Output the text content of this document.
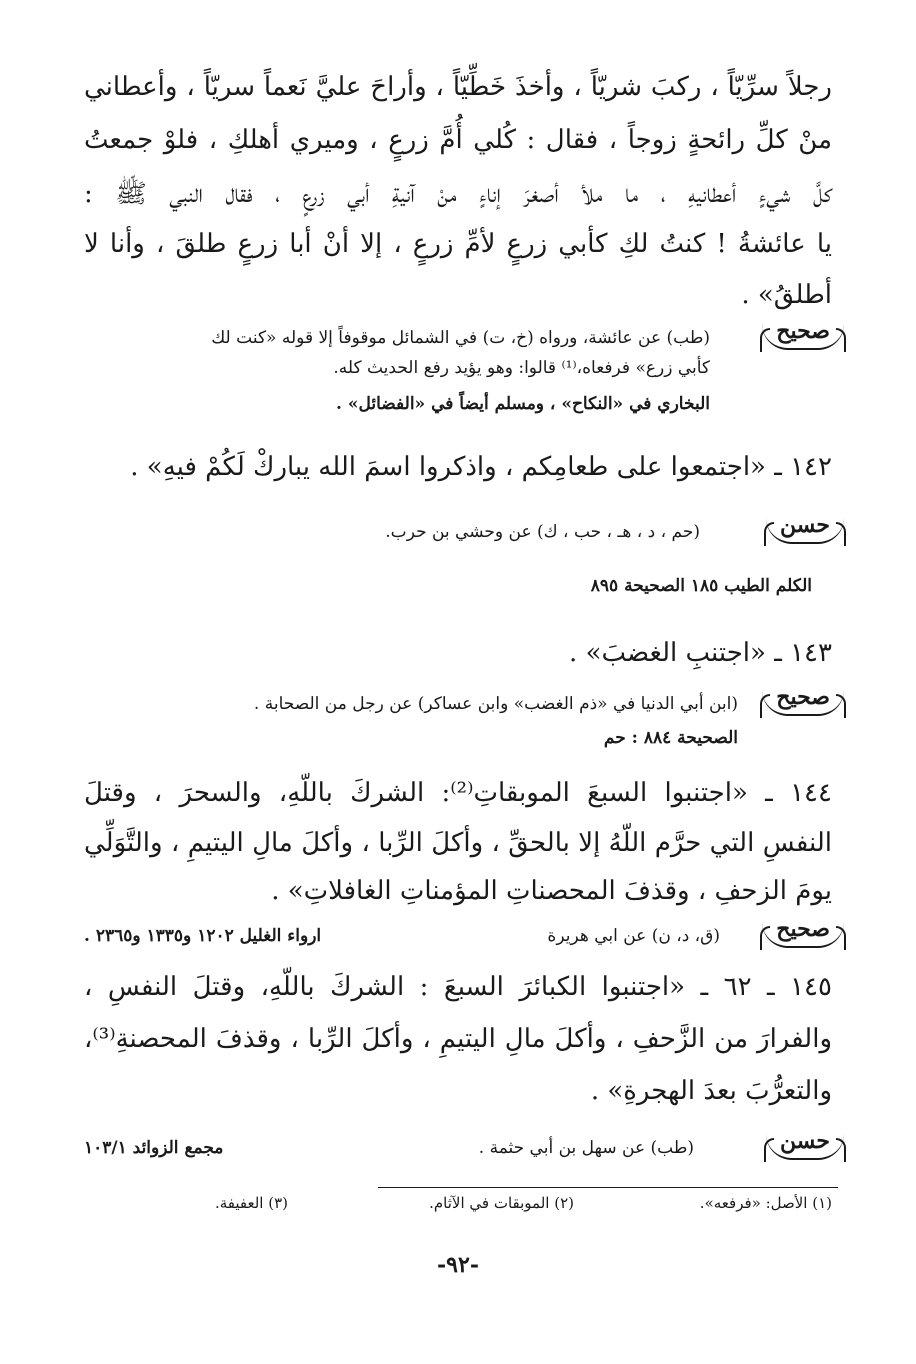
رجلاً سرِّيّاً ، ركبَ شريّاً ، وأخذَ خَطِّيّاً ، وأراحَ عليَّ نَعماً سريّاً ، وأعطاني
منْ كلِّ رائحةٍ زوجاً ، فقال : كُلي أُمَّ زرعٍ ، وميري أهلكِ ، فلوْ جمعتُ
كلَّ شيءٍ أعطانيهِ ، ما ملأ أصغرَ إناءٍ منْ آنيةِ أبي زرعٍ ، فقال النبي ﷺ :
يا عائشةُ ! كنتُ لكِ كأبي زرعٍ لأمِّ زرعٍ ، إلا أنْ أبا زرعٍ طلقَ ، وأنا لا
أطلقُ» .
صحيح
(طب) عن عائشة، ورواه (خ، ت) في الشمائل موقوفاً إلا قوله «كنت لك
كأبي زرع» فرفعاه،⁽¹⁾ قالوا: وهو يؤيد رفع الحديث كله.
البخاري في «النكاح» ، ومسلم أيضاً في «الفضائل» .
١٤٢ ـ «اجتمعوا على طعامِكم ، واذكروا اسمَ الله يباركْ لَكُمْ فيهِ» .
حسن
(حم ، د ، هـ ، حب ، ك) عن وحشي بن حرب.
الكلم الطيب ١٨٥ الصحيحة ٨٩٥
١٤٣ ـ «اجتنبِ الغضبَ» .
صحيح
(ابن أبي الدنيا في «ذم الغضب» وابن عساكر) عن رجل من الصحابة .
الصحيحة ٨٨٤ : حم
١٤٤ ـ «اجتنبوا السبعَ الموبقاتِ⁽²⁾: الشركَ باللّهِ، والسحرَ ، وقتلَ
النفسِ التي حرَّم اللّهُ إلا بالحقِّ ، وأكلَ الرِّبا ، وأكلَ مالِ اليتيمِ ، والتَّوَلِّي
يومَ الزحفِ ، وقذفَ المحصناتِ المؤمناتِ الغافلاتِ» .
صحيح
(ق، د، ن) عن ابي هريرة
ارواء الغليل ١٢٠٢ و١٣٣٥ و٢٣٦٥ .
١٤٥ ـ ٦٢ ـ «اجتنبوا الكبائرَ السبعَ : الشركَ باللّهِ، وقتلَ النفسِ ،
والفرارَ من الزَّحفِ ، وأكلَ مالِ اليتيمِ ، وأكلَ الرِّبا ، وقذفَ المحصنةِ⁽³⁾،
والتعرُّبَ بعدَ الهجرةِ» .
حسن
(طب) عن سهل بن أبي حثمة .
مجمع الزوائد ١٠٣/١
(١) الأصل: «فرفعه».
(٢) الموبقات في الآثام.
(٣) العفيفة.
-٩٢-
